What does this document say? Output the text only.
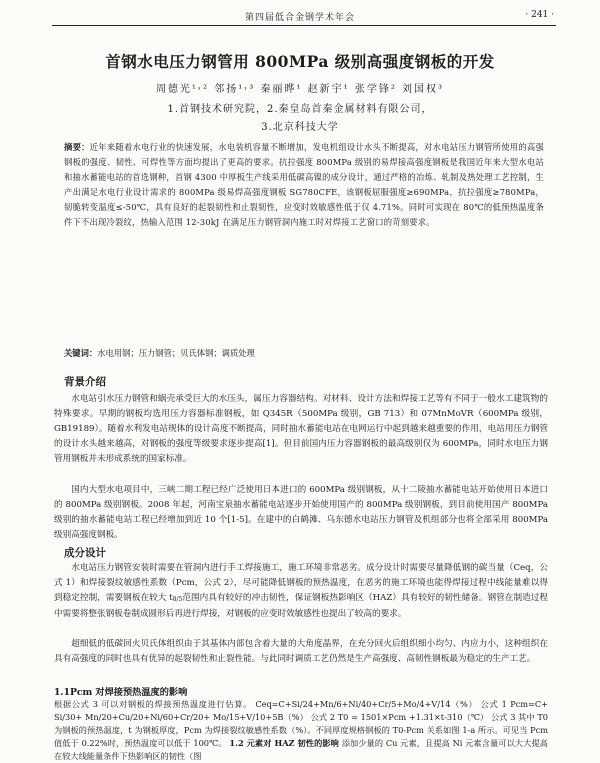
第四届低合金钢学术年会	· 241 ·
首钢水电压力钢管用 800MPa 级别高强度钢板的开发
周德光¹˒² 邻扬¹˒³ 秦丽晔¹ 赵新宇¹ 张学锋² 刘国权³
1.首钢技术研究院，2.秦皇岛首秦金属材料有限公司，
3.北京科技大学
摘要：近年来随着水电行业的快速发展，水电装机容量不断增加，发电机组设计水头不断提高，对水电站压力钢管所使用的高强钢板的强度、韧性、可焊性等方面均提出了更高的要求。抗拉强度 800MPa 级别的易焊接高强度钢板是我国近年来大型水电站和抽水蓄能电站的首选钢种，首钢 4300 中厚板生产线采用低碳高镍的成分设计，通过严格的冶炼、轧制及热处理工艺控制，生产出满足水电行业设计需求的 800MPa 级易焊高强度钢板 SG780CFE，该钢板屈服强度≥690MPa，抗拉强度≥780MPa，韧脆转变温度≤-50℃，具有良好的起裂韧性和止裂韧性，应变时效敏感性低于仅 4.71%。同时可实现在 80℃的低预热温度条件下不出现冷裂纹，热输入范围 12-30kJ 在满足压力钢管洞内施工时对焊接工艺窗口的苛刻要求。
关键词：水电用钢；压力钢管；贝氏体钢；调质处理
背景介绍
水电站引水压力钢管和蜗壳承受巨大的水压头，属压力容器结构。对材料、设计方法和焊接工艺等有不同于一般水工建筑物的特殊要求。早期的钢板均选用压力容器标准钢板，如 Q345R（500MPa 级别，GB 713）和 07MnMoVR（600MPa 级别，GB19189）。随着水利发电站规体的设计高度不断提高，同时抽水蓄能电站在电网运行中起到越来越重要的作用，电站用压力钢管的设计水头越来越高，对钢板的强度等级要求逐步提高[1]。但目前国内压力容器钢板的最高级别仅为 600MPa，同时水电压力钢管用钢板并未形成系统的国家标准。
国内大型水电项目中，三峡二期工程已经广泛使用日本进口的 600MPa 级别钢板，从十二陵抽水蓄能电站开始使用日本进口的 800MPa 级别钢板。2008 年起，河南宝泉抽水蓄能电站逐步开始使用国产的 800MPa 级别钢板，到目前使用国产 800MPa 级别的抽水蓄能电站工程已经增加到近 10 个[1-5]。在建中的白鹤滩、乌东德水电站压力钢管及机组部分也将全部采用 800MPa 级别高强度钢板。
成分设计
水电站压力钢管安装时需要在管洞内进行手工焊接施工，施工环境非常恶劣。成分设计时需要尽量降低钢的碳当量（Ceq，公式 1）和焊接裂纹敏感性系数（Pcm，公式 2），尽可能降低钢板的预热温度，在恶劣的施工环境也能得焊接过程中线能量难以得到稳定控制，需要钢板在较大 t8/5范围内具有较好的冲击韧性，保证钢板热影响区（HAZ）具有较好的韧性储备。钢管在制造过程中需要将整张钢板卷制成圆形后再进行焊接，对钢板的应变时效敏感性也提出了较高的要求。
超细低的低碳回火贝氏体组织由于其基体内部包含着大量的大角度晶界，在充分回火后组织细小均匀、内应力小，这种组织在具有高强度的同时也具有优异的起裂韧性和止裂性能。与此同时调质工艺仍然是生产高强度、高韧性钢板最为稳定的生产工艺。
1.1Pcm 对焊接预热温度的影响
根据公式 3 可以对钢板的焊接预热温度进行估算。 Ceq=C+Si/24+Mn/6+Ni/40+Cr/5+Mo/4+V/14（%） 公式 1 Pcm=C+ Si/30+ Mn/20+Cu/20+Ni/60+Cr/20+ Mo/15+V/10+5B（%） 公式 2 T0 = 1501×Pcm +1.31×t-310（℃） 公式 3 其中 T0 为钢板的预热温度，t 为钢板厚度，Pcm 为焊接裂纹敏感性系数（%）。不同厚度规格钢板的 T0-Pcm 关系如图 1-a 所示。可见当 Pcm 值低于 0.22%时，预热温度可以低于 100℃。 1.2 元素对 HAZ 韧性的影响 添加少量的 Cu 元素，且提高 Ni 元素含量可以大大提高在较大线能量条件下热影响区的韧性（图
